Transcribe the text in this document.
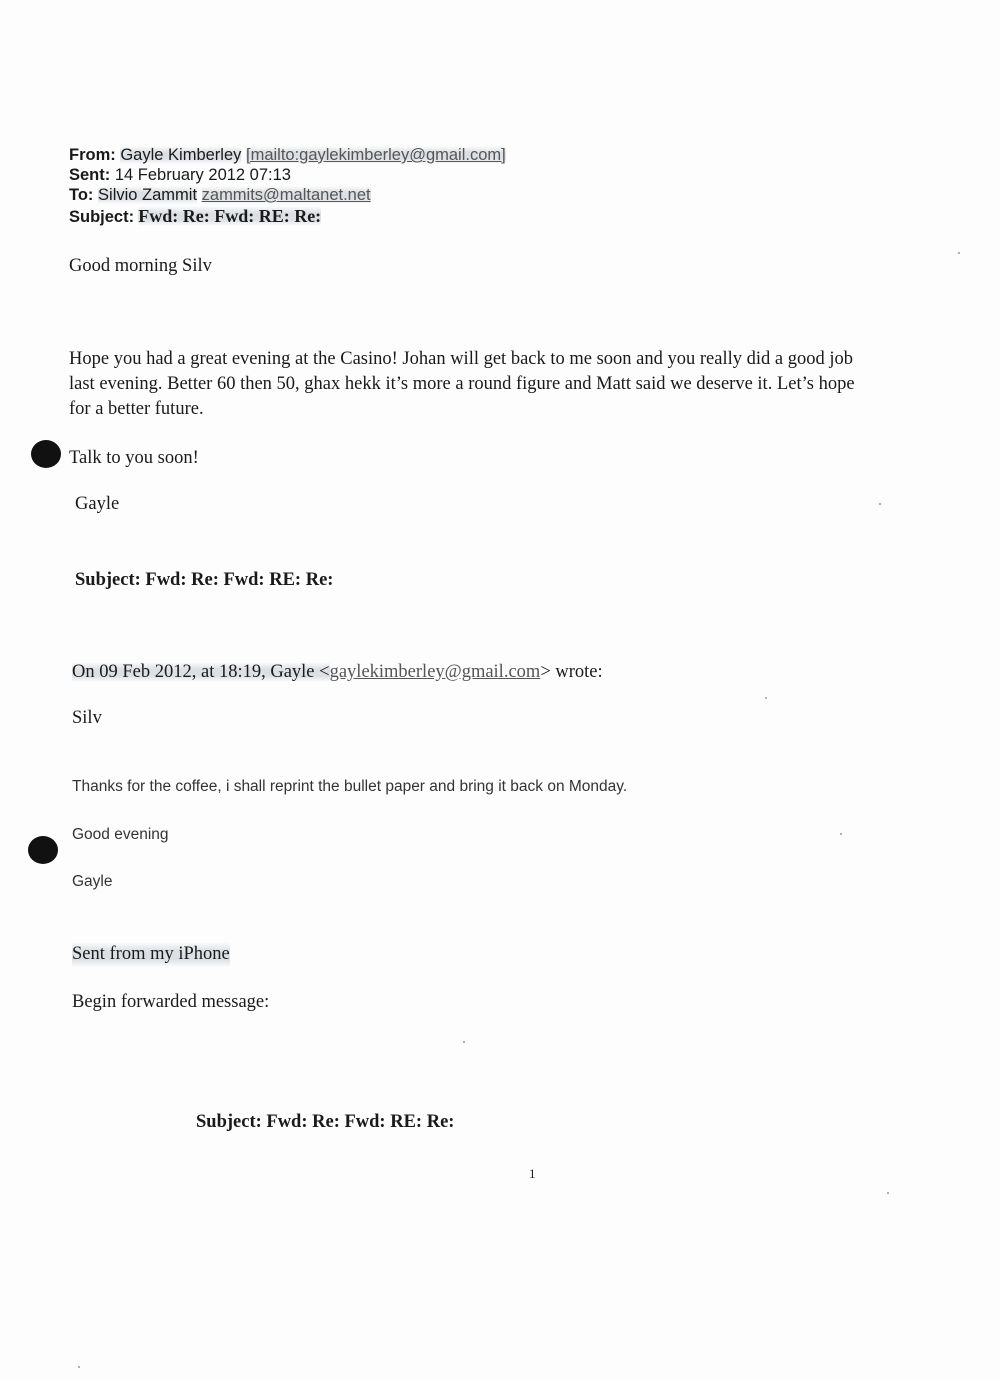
From: Gayle Kimberley [mailto:gaylekimberley@gmail.com]
Sent: 14 February 2012 07:13
To: Silvio Zammit zammits@maltanet.net
Subject: Fwd: Re: Fwd: RE: Re:
Good morning Silv
Hope you had a great evening at the Casino! Johan will get back to me soon and you really did a good job
last evening. Better 60 then 50, ghax hekk it’s more a round figure and Matt said we deserve it. Let’s hope
for a better future.
Talk to you soon!
Gayle
Subject: Fwd: Re: Fwd: RE: Re:
On 09 Feb 2012, at 18:19, Gayle <gaylekimberley@gmail.com> wrote:
Silv
Thanks for the coffee, i shall reprint the bullet paper and bring it back on Monday.
Good evening
Gayle
Sent from my iPhone
Begin forwarded message:
Subject: Fwd: Re: Fwd: RE: Re:
1
